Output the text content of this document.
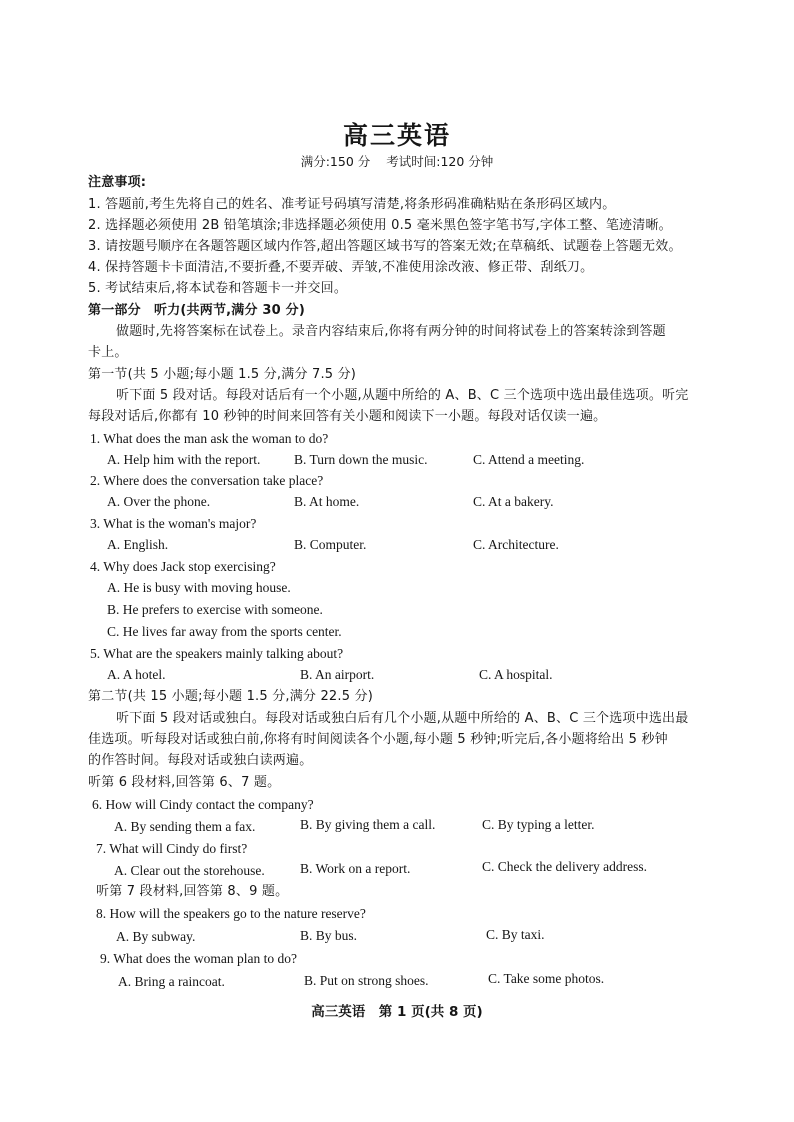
高三英语
满分:150 分 考试时间:120 分钟
注意事项:
1. 答题前,考生先将自己的姓名、准考证号码填写清楚,将条形码准确粘贴在条形码区域内。
2. 选择题必须使用 2B 铅笔填涂;非选择题必须使用 0.5 毫米黑色签字笔书写,字体工整、笔迹清晰。
3. 请按题号顺序在各题答题区域内作答,超出答题区域书写的答案无效;在草稿纸、试题卷上答题无效。
4. 保持答题卡卡面清洁,不要折叠,不要弄破、弄皱,不准使用涂改液、修正带、刮纸刀。
5. 考试结束后,将本试卷和答题卡一并交回。
第一部分　听力(共两节,满分 30 分)
做题时,先将答案标在试卷上。录音内容结束后,你将有两分钟的时间将试卷上的答案转涂到答题
卡上。
第一节(共 5 小题;每小题 1.5 分,满分 7.5 分)
听下面 5 段对话。每段对话后有一个小题,从题中所给的 A、B、C 三个选项中选出最佳选项。听完
每段对话后,你都有 10 秒钟的时间来回答有关小题和阅读下一小题。每段对话仅读一遍。
1. What does the man ask the woman to do?
A. Help him with the report. B. Turn down the music.	C. Attend a meeting.
2. Where does the conversation take place?
A. Over the phone.	B. At home.	C. At a bakery.
3. What is the woman's major?
A. English.	B. Computer.	C. Architecture.
4. Why does Jack stop exercising?
A. He is busy with moving house.
B. He prefers to exercise with someone.
C. He lives far away from the sports center.
5. What are the speakers mainly talking about?
A. A hotel.	B. An airport.	C. A hospital.
第二节(共 15 小题;每小题 1.5 分,满分 22.5 分)
听下面 5 段对话或独白。每段对话或独白后有几个小题,从题中所给的 A、B、C 三个选项中选出最
佳选项。听每段对话或独白前,你将有时间阅读各个小题,每小题 5 秒钟;听完后,各小题将给出 5 秒钟
的作答时间。每段对话或独白读两遍。
听第 6 段材料,回答第 6、7 题。
6. How will Cindy contact the company?
A. By sending them a fax.	B. By giving them a call.	C. By typing a letter.
7. What will Cindy do first?
A. Clear out the storehouse.	B. Work on a report.	C. Check the delivery address.
听第 7 段材料,回答第 8、9 题。
8. How will the speakers go to the nature reserve?
A. By subway.	B. By bus.	C. By taxi.
9. What does the woman plan to do?
A. Bring a raincoat.	B. Put on strong shoes.	C. Take some photos.
高三英语　第 1 页(共 8 页)
